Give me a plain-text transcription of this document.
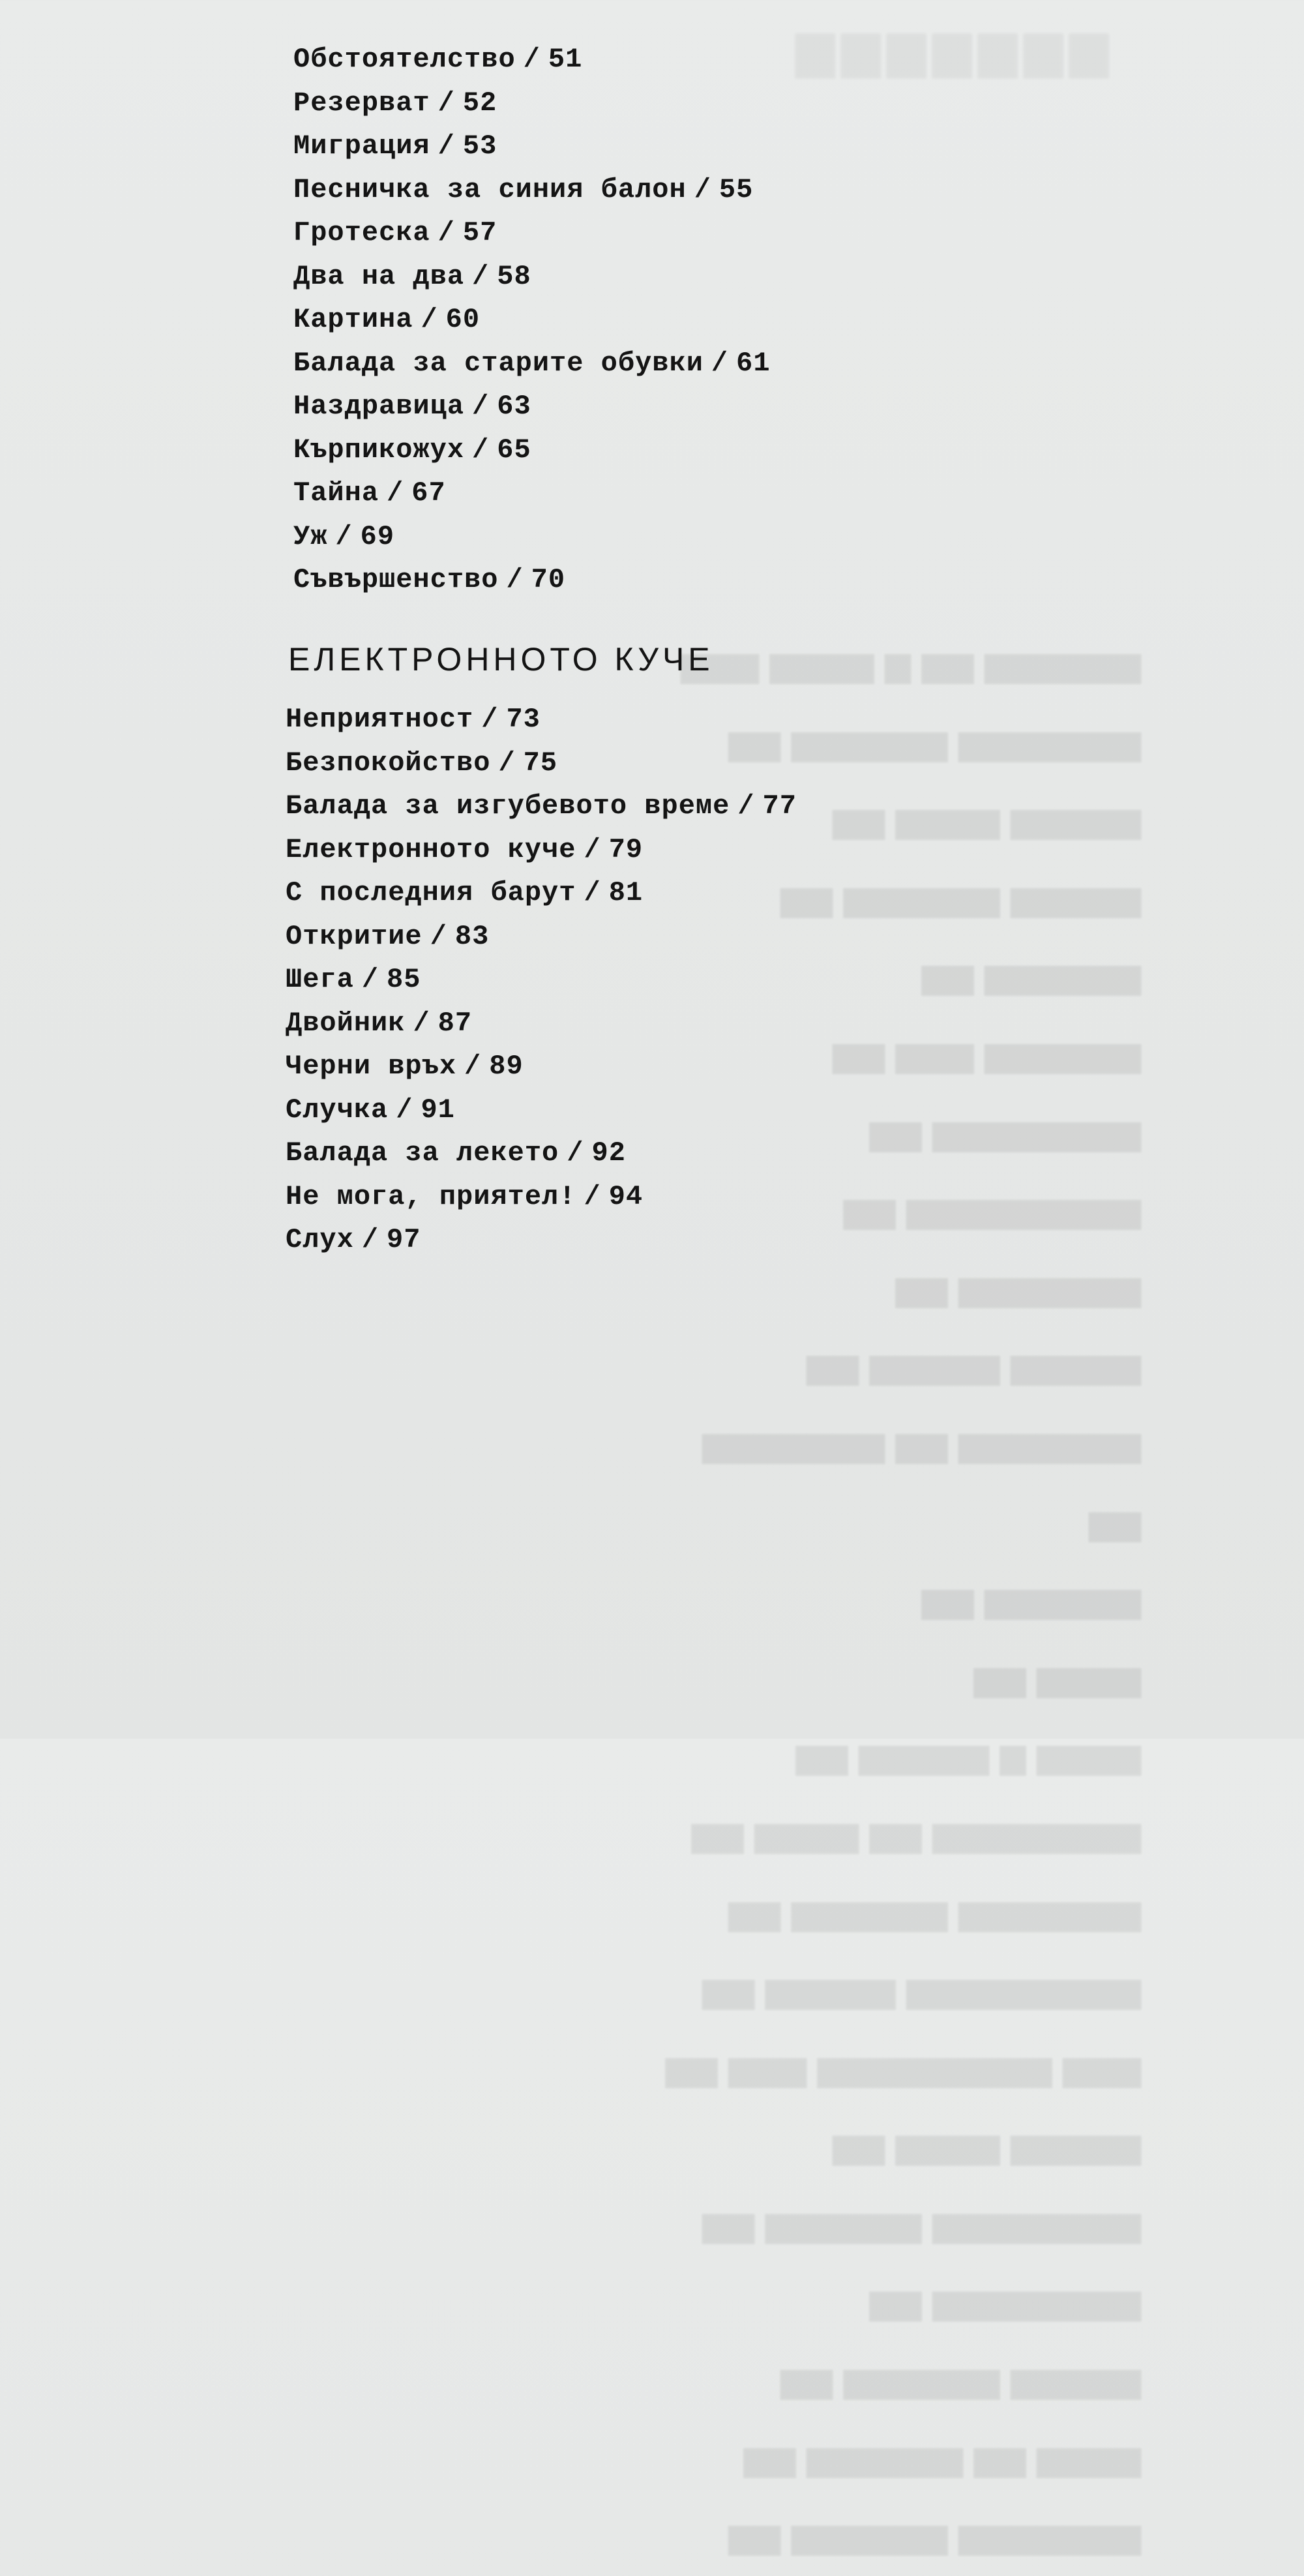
▆▆▆▆▆▆▆
▆▆▆▆▆▆ ▆▆ ▆ ▆▆▆▆ ▆▆▆
▆▆▆▆▆▆▆ ▆▆▆▆▆▆ ▆▆
▆▆▆▆▆ ▆▆▆▆ ▆▆
▆▆▆▆▆ ▆▆▆▆▆▆ ▆▆
▆▆▆▆▆▆ ▆▆
▆▆▆▆▆▆ ▆▆▆ ▆▆
▆▆▆▆▆▆▆▆ ▆▆
▆▆▆▆▆▆▆▆▆ ▆▆
▆▆▆▆▆▆▆ ▆▆
▆▆▆▆▆ ▆▆▆▆▆ ▆▆
▆▆▆▆▆▆▆ ▆▆ ▆▆▆▆▆▆▆ ▆▆
▆▆▆▆▆▆ ▆▆
▆▆▆▆ ▆▆
▆▆▆▆ ▆ ▆▆▆▆▆ ▆▆
▆▆▆▆▆▆▆▆ ▆▆ ▆▆▆▆ ▆▆
▆▆▆▆▆▆▆ ▆▆▆▆▆▆ ▆▆
▆▆▆▆▆▆▆▆▆ ▆▆▆▆▆ ▆▆
▆▆▆ ▆▆▆▆▆▆▆▆▆ ▆▆▆ ▆▆
▆▆▆▆▆ ▆▆▆▆ ▆▆
▆▆▆▆▆▆▆▆ ▆▆▆▆▆▆ ▆▆ ▆▆▆▆▆▆▆▆ ▆▆
▆▆▆▆▆ ▆▆▆▆▆▆ ▆▆
▆▆▆▆ ▆▆ ▆▆▆▆▆▆ ▆▆
▆▆▆▆▆▆▆ ▆▆▆▆▆▆ ▆▆
Обстоятелство / 51
Резерват / 52
Миграция / 53
Песничка за синия балон / 55
Гротеска / 57
Два на два / 58
Картина / 60
Балада за старите обувки / 61
Наздравица / 63
Кърпикожух / 65
Тайна / 67
Уж / 69
Съвършенство / 70
ЕЛЕКТРОННОТО КУЧЕ
Неприятност / 73
Безпокойство / 75
Балада за изгубевото време / 77
Електронното куче / 79
С последния барут / 81
Откритие / 83
Шега / 85
Двойник / 87
Черни връх / 89
Случка / 91
Балада за лекето / 92
Не мога, приятел! / 94
Слух / 97
